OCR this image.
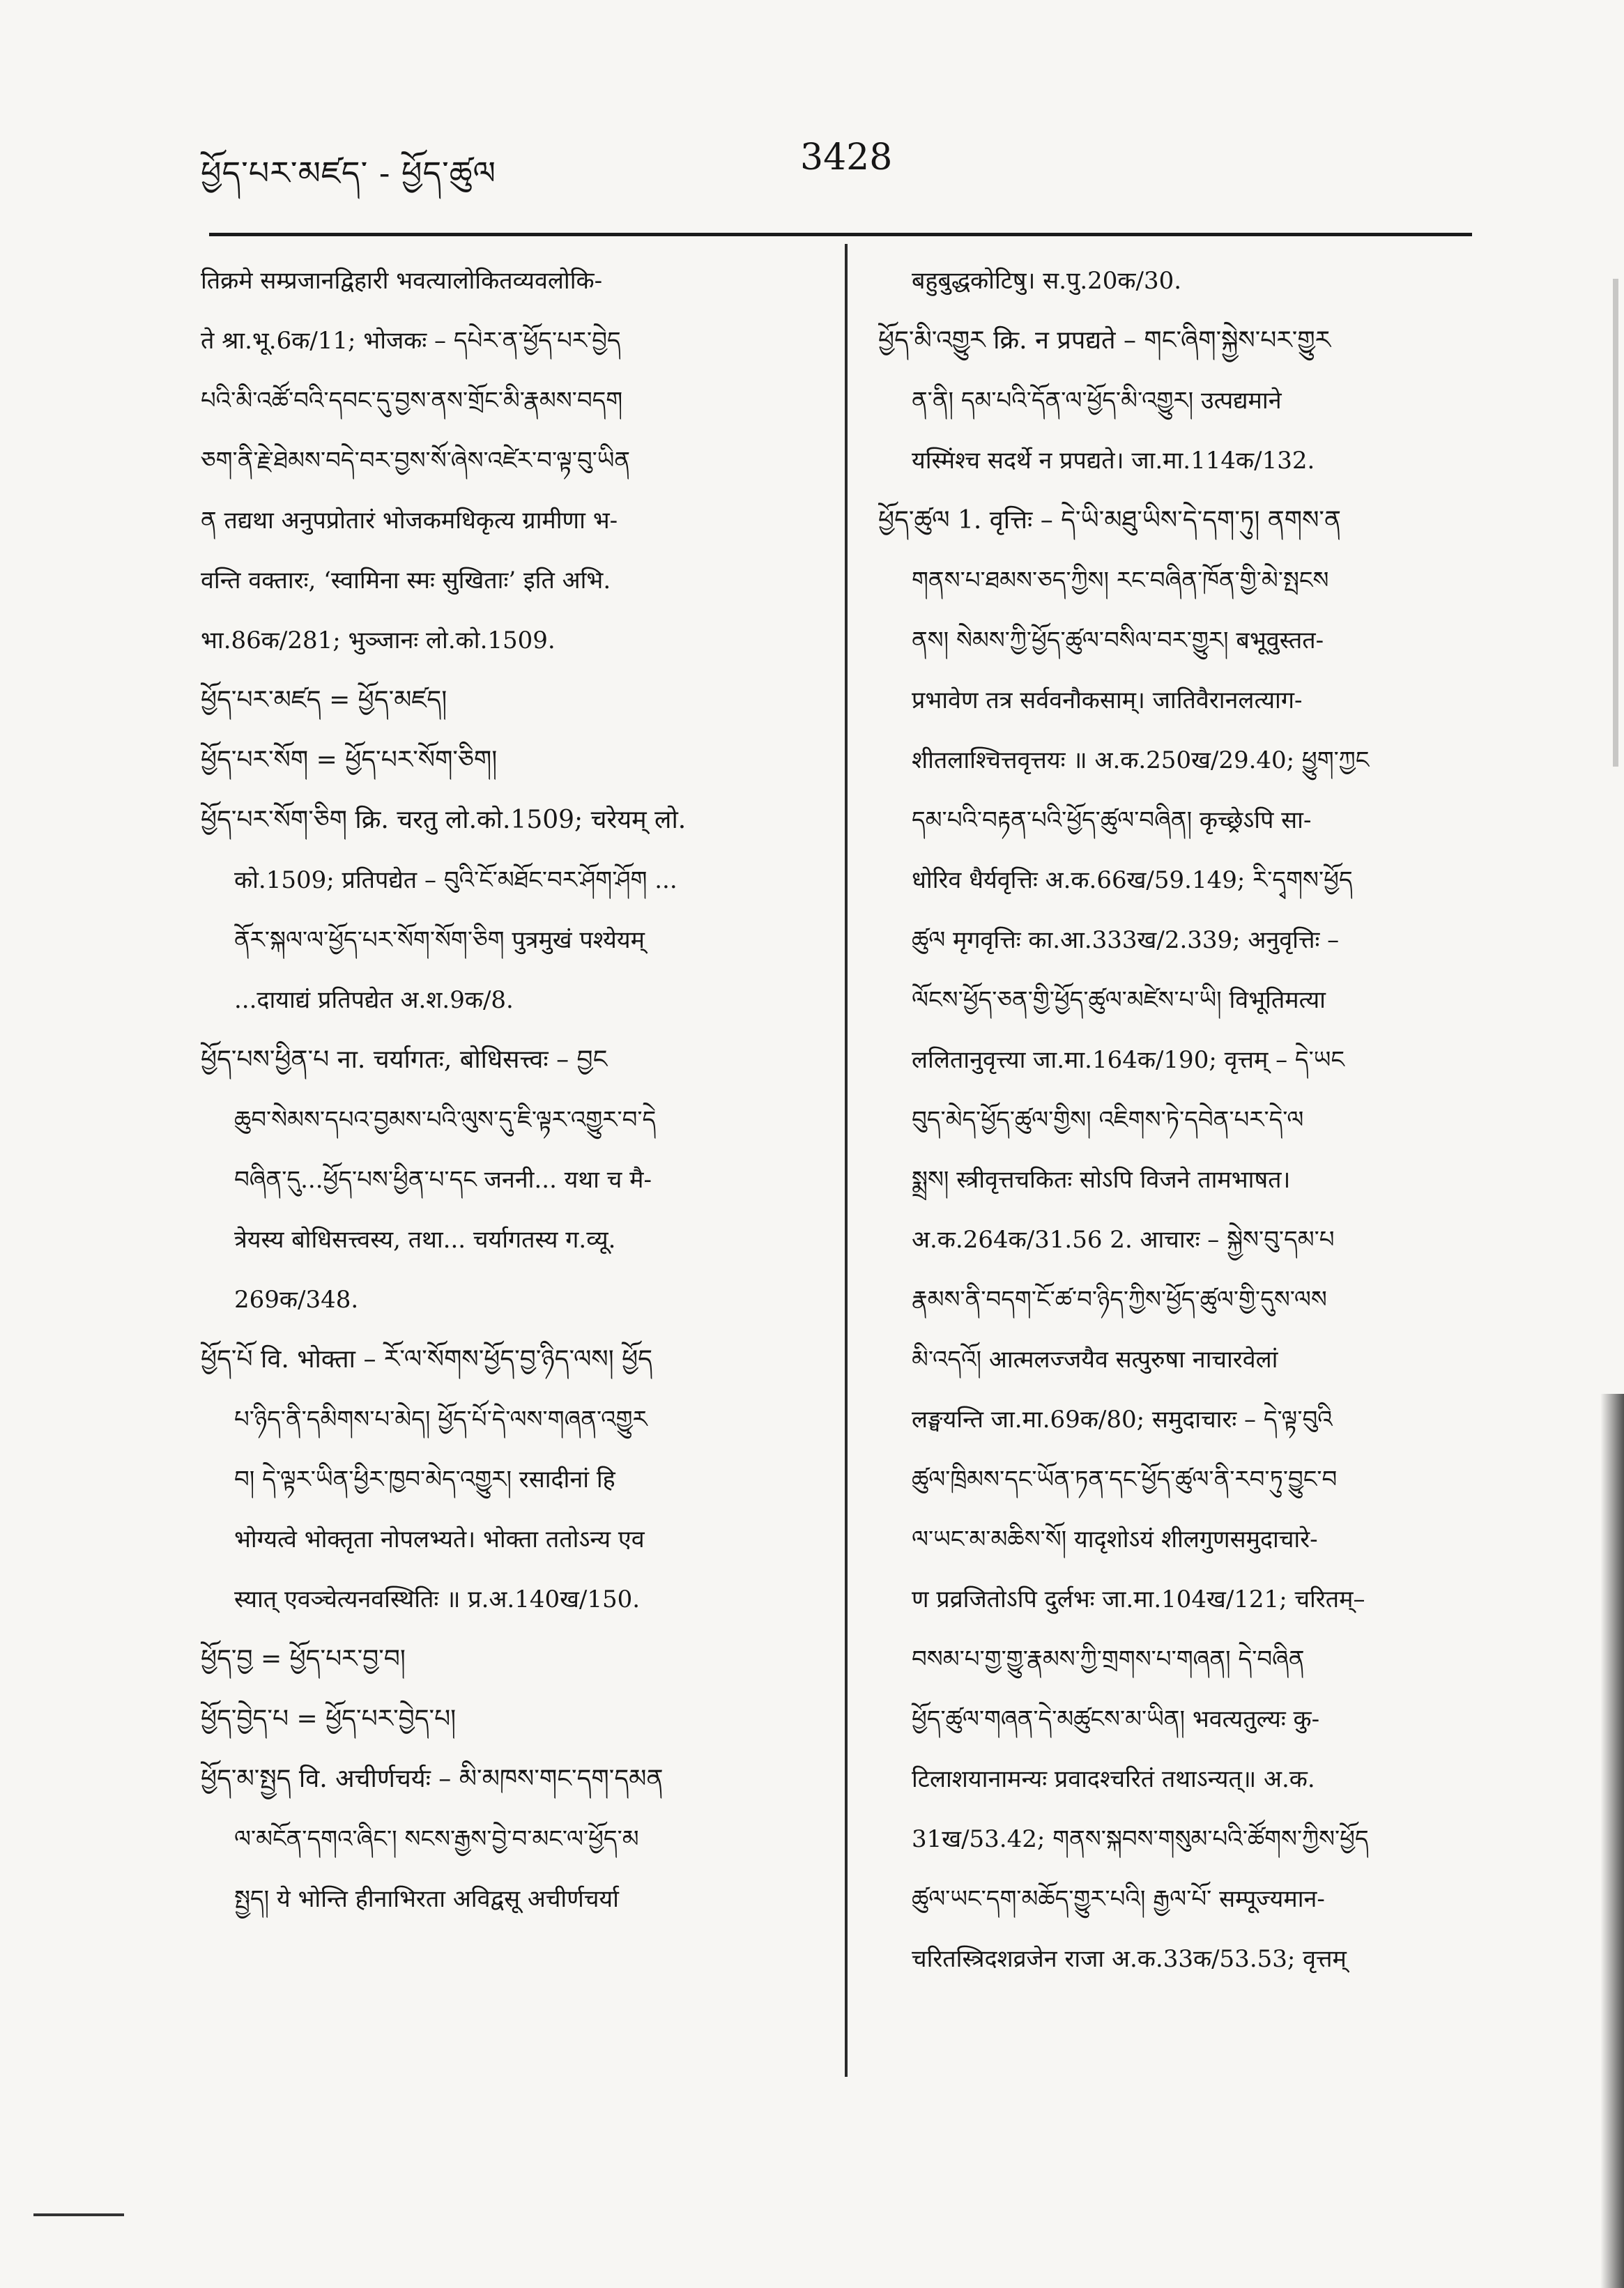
ཕྱོད་པར་མཛད་ - ཕྱོད་ཚུལ	3428
तिक्रमे सम्प्रजानद्विहारी भवत्यालोकितव्यवलोकि-
ते श्रा.भू.6क/11; भोजकः – དཔེར་ན་ཕྱོད་པར་བྱེད
པའི་མི་འཚོ་བའི་དབང་དུ་བྱས་ནས་གྲོང་མི་རྣམས་བདག
ཅག་ནི་རྗེ་ཐེམས་བདེ་བར་བྱས་སོ་ཞེས་འཛེར་བ་ལྟ་བུ་ཡིན
ན तद्यथा अनुपप्रोतारं भोजकमधिकृत्य ग्रामीणा भ-
वन्ति वक्तारः, ‘स्वामिना स्मः सुखिताः’ इति अभि.
भा.86क/281; भुञ्जानः लो.को.1509.
ཕྱོད་པར་མཛད = ཕྱོད་མཛད།
ཕྱོད་པར་སོག = ཕྱོད་པར་སོག་ཅིག།
ཕྱོད་པར་སོག་ཅིག क्रि. चरतु लो.को.1509; चरेयम् लो.
को.1509; प्रतिपद्येत – བུའི་ངོ་མཐོང་བར་ཤོག་ཤོག ...
ནོར་སྐལ་ལ་ཕྱོད་པར་སོག་སོག་ཅིག पुत्रमुखं पश्येयम्
...दायाद्यं प्रतिपद्येत अ.श.9क/8.
ཕྱོད་པས་ཕྱིན་པ ना. चर्यागतः, बोधिसत्त्वः – བྱང
ཆུབ་སེམས་དཔའ་བྱམས་པའི་ལུས་དུ་ཇི་ལྟར་འགྱུར་བ་དེ
བཞིན་དུ...ཕྱོད་པས་ཕྱིན་པ་དང जननी... यथा च मै-
त्रेयस्य बोधिसत्त्वस्य, तथा... चर्यागतस्य ग.व्यू.
269क/348.
ཕྱོད་པོ वि. भोक्ता – རོ་ལ་སོགས་ཕྱོད་བྱ་ཉིད་ལས། ཕྱོད
པ་ཉིད་ནི་དམིགས་པ་མེད། ཕྱོད་པོ་དེ་ལས་གཞན་འགྱུར
བ། དེ་ལྟར་ཡིན་ཕྱིར་ཁྱབ་མེད་འགྱུར། रसादीनां हि
भोग्यत्वे भोक्तृता नोपलभ्यते। भोक्ता ततोऽन्य एव
स्यात् एवञ्चेत्यनवस्थितिः ॥ प्र.अ.140ख/150.
ཕྱོད་བྱ = ཕྱོད་པར་བྱ་བ།
ཕྱོད་བྱེད་པ = ཕྱོད་པར་བྱེད་པ།
ཕྱོད་མ་སྤྱད वि. अचीर्णचर्यः – མི་མཁས་གང་དག་དམན
ལ་མངོན་དགའ་ཞིང་། སངས་རྒྱས་བྱེ་བ་མང་ལ་ཕྱོད་མ
སྤྱད། ये भोन्ति हीनाभिरता अविद्वसू अचीर्णचर्या
बहुबुद्धकोटिषु। स.पु.20क/30.
ཕྱོད་མི་འགྱུར क्रि. न प्रपद्यते – གང་ཞིག་སྐྱེས་པར་གྱུར
ན་ནི། དམ་པའི་དོན་ལ་ཕྱོད་མི་འགྱུར། उत्पद्यमाने
यस्मिंश्च सदर्थे न प्रपद्यते। जा.मा.114क/132.
ཕྱོད་ཚུལ 1. वृत्तिः – དེ་ཡི་མཐུ་ཡིས་དེ་དག་ཏུ། ནགས་ན
གནས་པ་ཐམས་ཅད་ཀྱིས། རང་བཞིན་ཁོན་གྱི་མེ་སྤངས
ནས། སེམས་ཀྱི་ཕྱོད་ཚུལ་བསིལ་བར་གྱུར། बभूवुस्तत-
प्रभावेण तत्र सर्ववनौकसाम्। जातिवैरानलत्याग-
शीतलाश्चित्तवृत्तयः ॥ अ.क.250ख/29.40; ཕྱུག་ཀྱང
དམ་པའི་བརྟན་པའི་ཕྱོད་ཚུལ་བཞིན། कृच्छ्रेऽपि सा-
धोरिव धैर्यवृत्तिः अ.क.66ख/59.149; རི་དྭགས་ཕྱོད
ཚུལ मृगवृत्तिः का.आ.333ख/2.339; अनुवृत्तिः –
ལོངས་ཕྱོད་ཅན་གྱི་ཕྱོད་ཚུལ་མཛེས་པ་ཡི། विभूतिमत्या
ललितानुवृत्त्या जा.मा.164क/190; वृत्तम् – དེ་ཡང
བུད་མེད་ཕྱོད་ཚུལ་གྱིས། འཇིགས་ཏེ་དབེན་པར་དེ་ལ
སྨྲས། स्त्रीवृत्तचकितः सोऽपि विजने तामभाषत।
अ.क.264क/31.56 2. आचारः – སྐྱེས་བུ་དམ་པ
རྣམས་ནི་བདག་ངོ་ཚ་བ་ཉིད་ཀྱིས་ཕྱོད་ཚུལ་གྱི་དུས་ལས
མི་འདའོ། आत्मलज्जयैव सत्पुरुषा नाचारवेलां
लङ्घयन्ति जा.मा.69क/80; समुदाचारः – དེ་ལྟ་བུའི
ཚུལ་ཁྲིམས་དང་ཡོན་ཏན་དང་ཕྱོད་ཚུལ་ནི་རབ་ཏུ་བྱུང་བ
ལ་ཡང་མ་མཆིས་སོ། यादृशोऽयं शीलगुणसमुदाचारे-
ण प्रव्रजितोऽपि दुर्लभः जा.मा.104ख/121; चरितम्–
བསམ་པ་གྱ་གྱུ་རྣམས་ཀྱི་གྲགས་པ་གཞན། དེ་བཞིན
ཕྱོད་ཚུལ་གཞན་དེ་མཚུངས་མ་ཡིན། भवत्यतुल्यः कु-
टिलाशयानामन्यः प्रवादश्चरितं तथाऽन्यत्॥ अ.क.
31ख/53.42; གནས་སྐབས་གསུམ་པའི་ཚོགས་ཀྱིས་ཕྱོད
ཚུལ་ཡང་དག་མཆོད་གྱུར་པའི། རྒྱལ་པོ་ सम्पूज्यमान-
चरितस्त्रिदशव्रजेन राजा अ.क.33क/53.53; वृत्तम्
